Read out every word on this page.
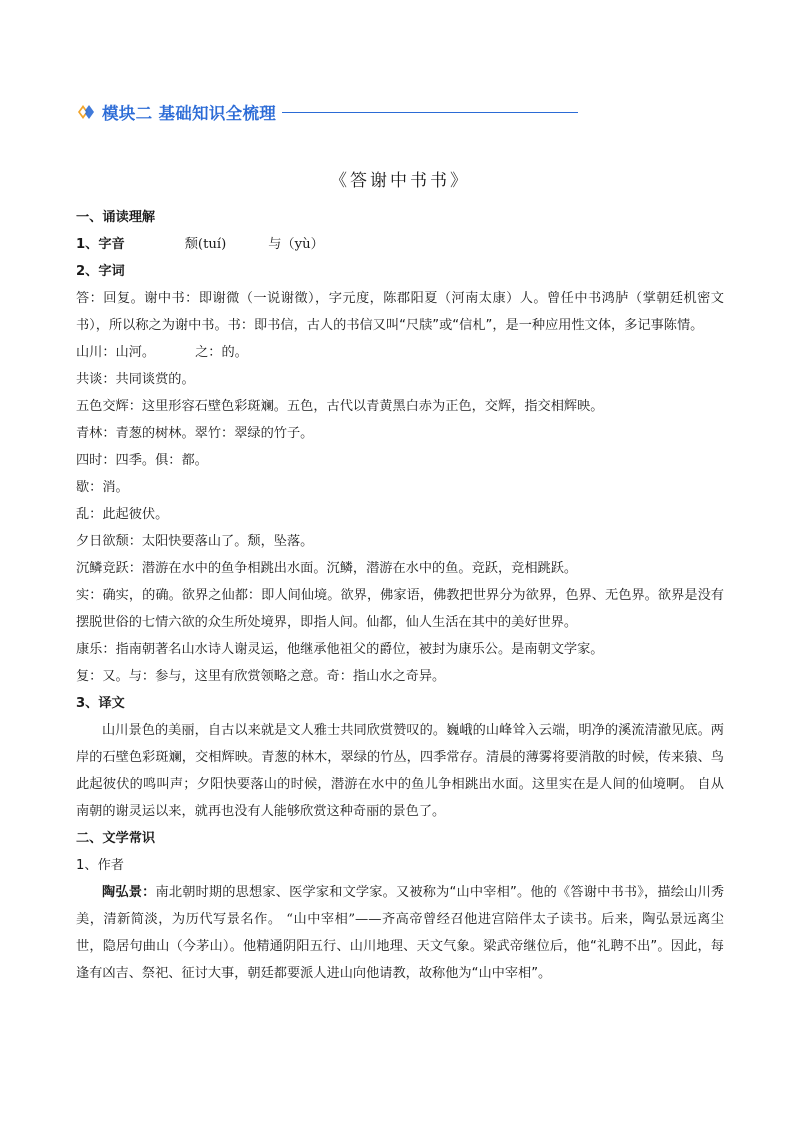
模块二 基础知识全梳理
《答谢中书书》

一、诵读理解

1、字音	颓(tuí)	与（yù）

2、字词

答：回复。谢中书：即谢微（一说谢徵），字元度，陈郡阳夏（河南太康）人。曾任中书鸿胪（掌朝廷机密文书），所以称之为谢中书。书：即书信，古人的书信又叫“尺牍”或“信札”，是一种应用性文体，多记事陈情。

山川：山河。	之：的。

共谈：共同谈赏的。

五色交辉：这里形容石壁色彩斑斓。五色，古代以青黄黑白赤为正色，交辉，指交相辉映。

青林：青葱的树林。翠竹：翠绿的竹子。

四时：四季。俱：都。

歇：消。

乱：此起彼伏。

夕日欲颓：太阳快要落山了。颓，坠落。

沉鳞竞跃：潜游在水中的鱼争相跳出水面。沉鳞，潜游在水中的鱼。竞跃，竞相跳跃。

实：确实，的确。欲界之仙都：即人间仙境。欲界，佛家语，佛教把世界分为欲界，色界、无色界。欲界是没有摆脱世俗的七情六欲的众生所处境界，即指人间。仙都，仙人生活在其中的美好世界。

康乐：指南朝著名山水诗人谢灵运，他继承他祖父的爵位，被封为康乐公。是南朝文学家。

复：又。与：参与，这里有欣赏领略之意。奇：指山水之奇异。

3、译文

山川景色的美丽，自古以来就是文人雅士共同欣赏赞叹的。巍峨的山峰耸入云端，明净的溪流清澈见底。两岸的石壁色彩斑斓，交相辉映。青葱的林木，翠绿的竹丛，四季常存。清晨的薄雾将要消散的时候，传来猿、鸟此起彼伏的鸣叫声；夕阳快要落山的时候，潜游在水中的鱼儿争相跳出水面。这里实在是人间的仙境啊。 自从南朝的谢灵运以来，就再也没有人能够欣赏这种奇丽的景色了。

二、文学常识

1、作者

陶弘景：南北朝时期的思想家、医学家和文学家。又被称为“山中宰相”。他的《答谢中书书》，描绘山川秀美，清新简淡，为历代写景名作。 “山中宰相”——齐高帝曾经召他进宫陪伴太子读书。后来，陶弘景远离尘世，隐居句曲山（今茅山）。他精通阴阳五行、山川地理、天文气象。梁武帝继位后，他“礼聘不出”。因此，每逢有凶吉、祭祀、征讨大事，朝廷都要派人进山向他请教，故称他为“山中宰相”。
